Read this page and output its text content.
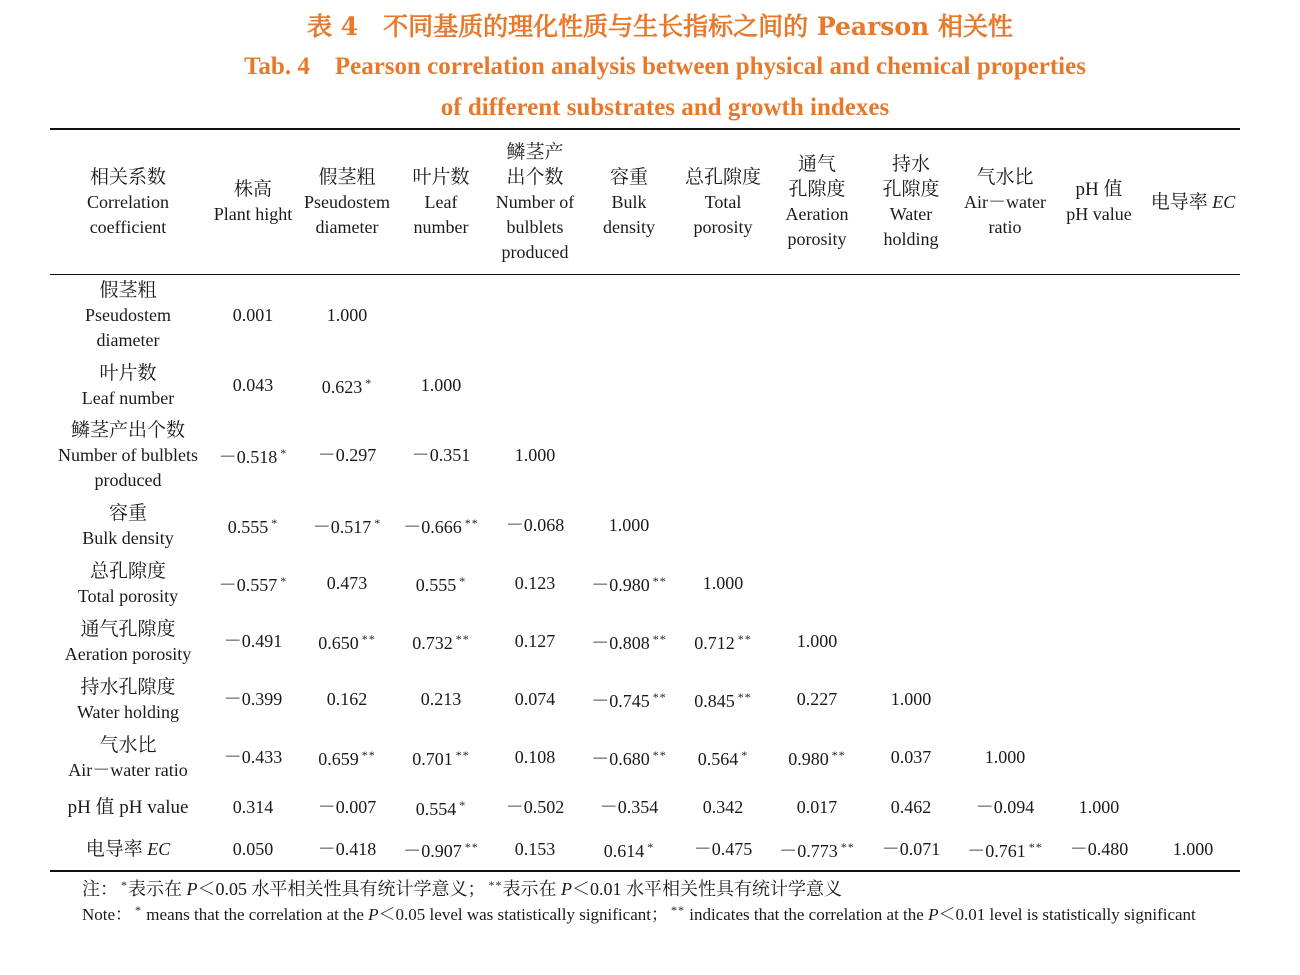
表 4　不同基质的理化性质与生长指标之间的 Pearson 相关性
Tab. 4　Pearson correlation analysis between physical and chemical properties
of different substrates and growth indexes
相关系数
Correlation
coefficient	株高
Plant hight	假茎粗
Pseudostem
diameter	叶片数
Leaf
number	鳞茎产
出个数
Number of
bulblets
produced	容重
Bulk
density	总孔隙度
Total
porosity	通气
孔隙度
Aeration
porosity	持水
孔隙度
Water
holding	气水比
Air－water
ratio	pH 值
pH value	电导率 EC

假茎粗
Pseudostem
diameter	0.001	1.000									

叶片数
Leaf number	0.043	0.623 *	1.000								

鳞茎产出个数
Number of bulblets
produced	－0.518 *	－0.297	－0.351	1.000							

容重
Bulk density	0.555 *	－0.517 *	－0.666 **	－0.068	1.000						

总孔隙度
Total porosity	－0.557 *	0.473	0.555 *	0.123	－0.980 **	1.000					

通气孔隙度
Aeration porosity	－0.491	0.650 **	0.732 **	0.127	－0.808 **	0.712 **	1.000				

持水孔隙度
Water holding	－0.399	0.162	0.213	0.074	－0.745 **	0.845 **	0.227	1.000			

气水比
Air－water ratio	－0.433	0.659 **	0.701 **	0.108	－0.680 **	0.564 *	0.980 **	0.037	1.000		
pH 值 pH value	0.314	－0.007	0.554 *	－0.502	－0.354	0.342	0.017	0.462	－0.094	1.000	
电导率 EC	0.050	－0.418	－0.907 **	0.153	0.614 *	－0.475	－0.773 **	－0.071	－0.761 **	－0.480	1.000
注： *表示在 P＜0.05 水平相关性具有统计学意义； **表示在 P＜0.01 水平相关性具有统计学意义
Note： * means that the correlation at the P＜0.05 level was statistically significant； ** indicates that the correlation at the P＜0.01 level is statistically significant
